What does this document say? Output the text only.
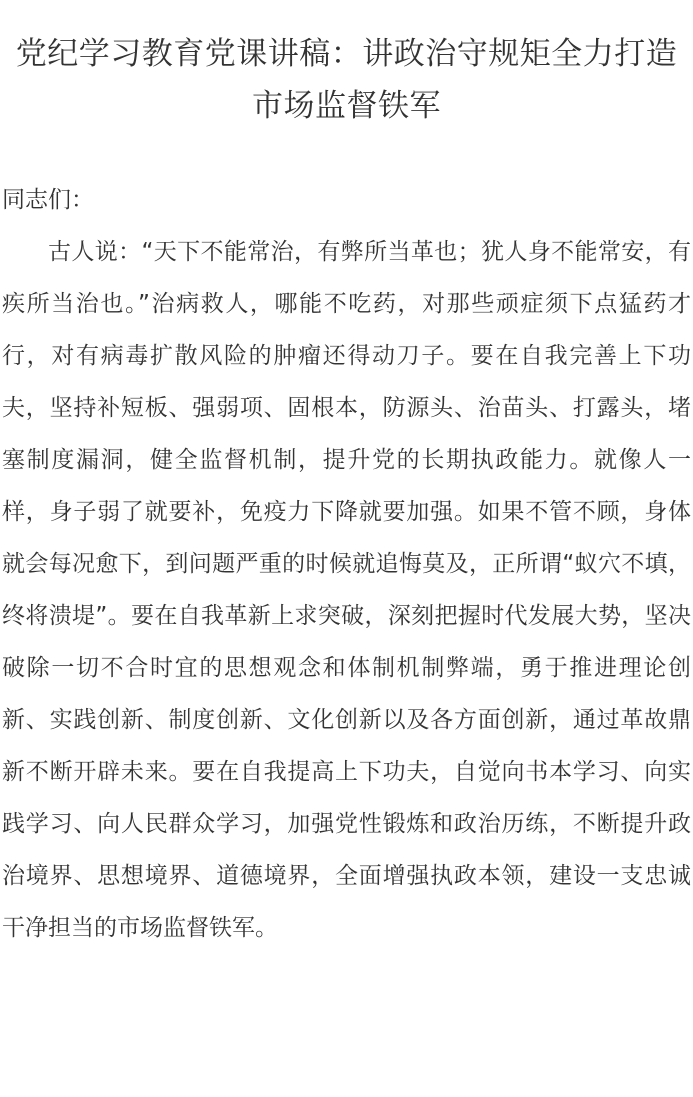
党纪学习教育党课讲稿：讲政治守规矩全力打造市场监督铁军

同志们：

古人说：“天下不能常治，有弊所当革也；犹人身不能常安，有疾所当治也。”治病救人，哪能不吃药，对那些顽症须下点猛药才行，对有病毒扩散风险的肿瘤还得动刀子。要在自我完善上下功夫，坚持补短板、强弱项、固根本，防源头、治苗头、打露头，堵塞制度漏洞，健全监督机制，提升党的长期执政能力。就像人一样，身子弱了就要补，免疫力下降就要加强。如果不管不顾，身体就会每况愈下，到问题严重的时候就追悔莫及，正所谓“蚁穴不填，终将溃堤”。要在自我革新上求突破，深刻把握时代发展大势，坚决破除一切不合时宜的思想观念和体制机制弊端，勇于推进理论创新、实践创新、制度创新、文化创新以及各方面创新，通过革故鼎新不断开辟未来。要在自我提高上下功夫，自觉向书本学习、向实践学习、向人民群众学习，加强党性锻炼和政治历练，不断提升政治境界、思想境界、道德境界，全面增强执政本领，建设一支忠诚干净担当的市场监督铁军。
